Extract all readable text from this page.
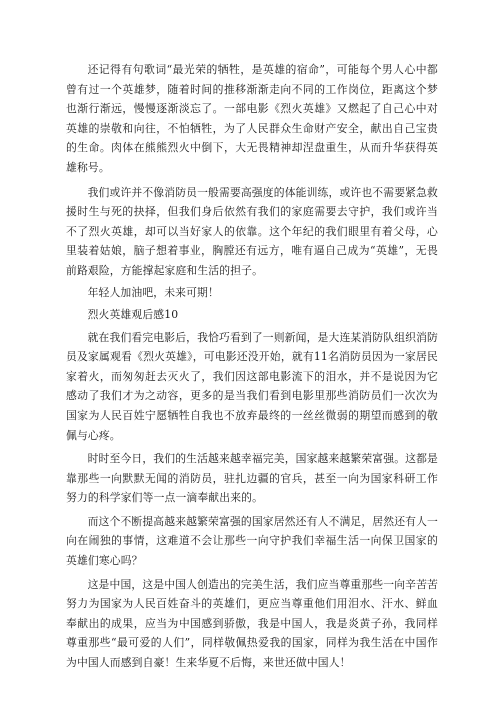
还记得有句歌词“最光荣的牺牲，是英雄的宿命”，可能每个男人心中都曾有过一个英雄梦，随着时间的推移渐渐走向不同的工作岗位，距离这个梦也渐行渐远，慢慢逐渐淡忘了。一部电影《烈火英雄》又燃起了自己心中对英雄的崇敬和向往，不怕牺牲，为了人民群众生命财产安全，献出自己宝贵的生命。肉体在熊熊烈火中倒下，大无畏精神却涅盘重生，从而升华获得英雄称号。

我们或许并不像消防员一般需要高强度的体能训练，或许也不需要紧急救援时生与死的抉择，但我们身后依然有我们的家庭需要去守护，我们或许当不了烈火英雄，却可以当好家人的依靠。这个年纪的我们眼里有着父母，心里装着姑娘，脑子想着事业，胸膛还有远方，唯有逼自己成为“英雄”，无畏前路艰险，方能撑起家庭和生活的担子。

年轻人加油吧，未来可期！

烈火英雄观后感10

就在我们看完电影后，我恰巧看到了一则新闻，是大连某消防队组织消防员及家属观看《烈火英雄》，可电影还没开始，就有11名消防员因为一家居民家着火，而匆匆赶去灭火了，我们因这部电影流下的泪水，并不是说因为它感动了我们才为之动容，更多的是当我们看到电影里那些消防员们一次次为国家为人民百姓宁愿牺牲自我也不放弃最终的一丝丝微弱的期望而感到的敬佩与心疼。

时时至今日，我们的生活越来越幸福完美，国家越来越繁荣富强。这都是靠那些一向默默无闻的消防员，驻扎边疆的官兵，甚至一向为国家科研工作努力的科学家们等一点一滴奉献出来的。

而这个不断提高越来越繁荣富强的国家居然还有人不满足，居然还有人一向在闹独的事情，这难道不会让那些一向守护我们幸福生活一向保卫国家的英雄们寒心吗？

这是中国，这是中国人创造出的完美生活，我们应当尊重那些一向辛苦苦努力为国家为人民百姓奋斗的英雄们，更应当尊重他们用泪水、汗水、鲜血奉献出的成果，应当为中国感到骄傲，我是中国人，我是炎黄子孙，我同样尊重那些“最可爱的人们”，同样敬佩热爱我的国家，同样为我生活在中国作为中国人而感到自豪！生来华夏不后悔，来世还做中国人！
